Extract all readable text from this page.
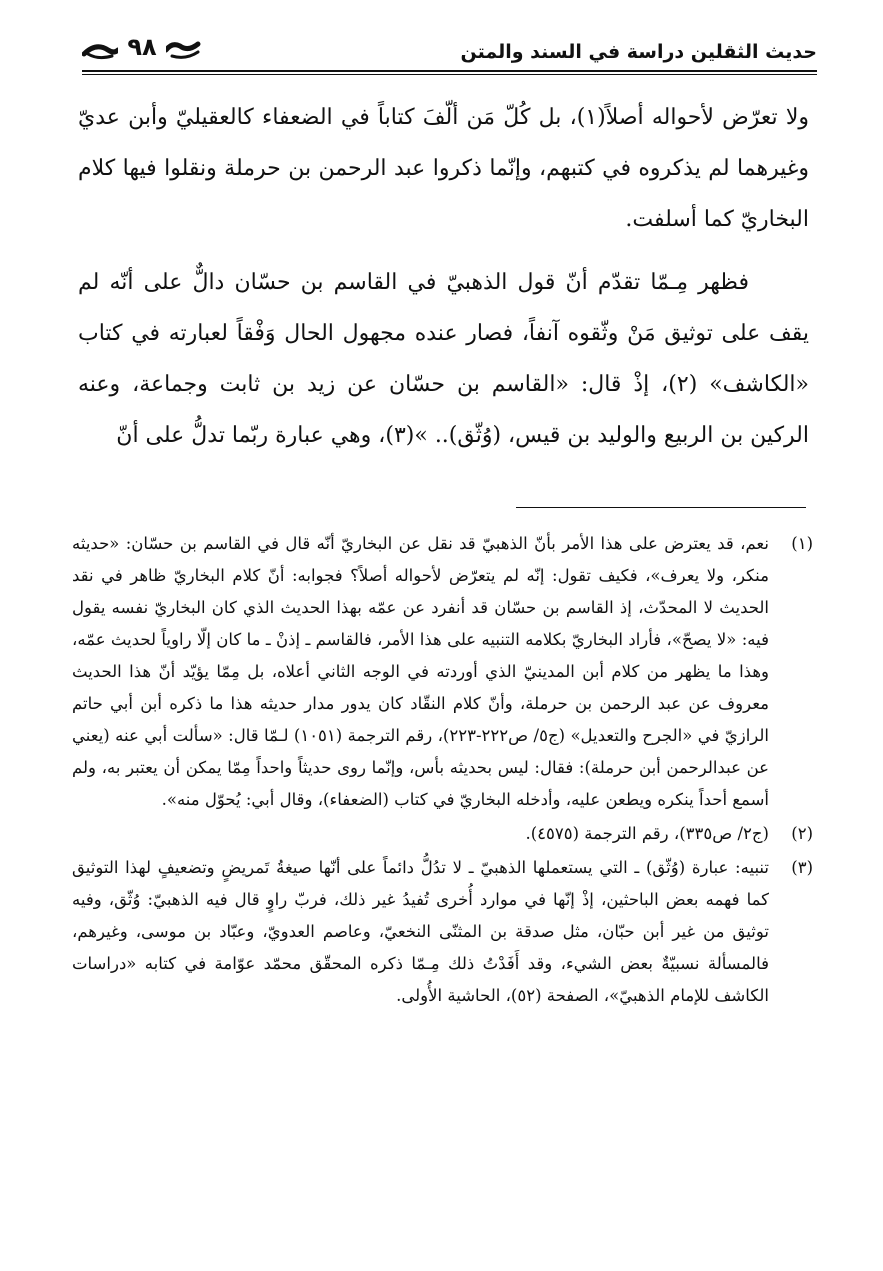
حديث الثقلين دراسة في السند والمتن
٩٨

ولا تعرّض لأحواله أصلاً(١)، بل كُلّ مَن ألّفَ كتاباً في الضعفاء كالعقيليّ وأبن عديّ وغيرهما لم يذكروه في كتبهم، وإنّما ذكروا عبد الرحمن بن حرملة ونقلوا فيها كلام البخاريّ كما أسلفت.

فظهر مِـمّا تقدّم أنّ قول الذهبيّ في القاسم بن حسّان دالٌّ على أنّه لم يقف على توثيق مَنْ وثّقوه آنفاً، فصار عنده مجهول الحال وَفْقاً لعبارته في كتاب «الكاشف» (٢)، إذْ قال: «القاسم بن حسّان عن زيد بن ثابت وجماعة، وعنه الركين بن الربيع والوليد بن قيس، (وُثّق).. »(٣)، وهي عبارة ربّما تدلُّ على أنّ

(١)
نعم، قد يعترض على هذا الأمر بأنّ الذهبيّ قد نقل عن البخاريّ أنّه قال في القاسم بن حسّان: «حديثه منكر، ولا يعرف»، فكيف تقول: إنّه لم يتعرّض لأحواله أصلاً؟ فجوابه: أنّ كلام البخاريّ ظاهر في نقد الحديث لا المحدّث، إذ القاسم بن حسّان قد أنفرد عن عمّه بهذا الحديث الذي كان البخاريّ نفسه يقول فيه: «لا يصحّ»، فأراد البخاريّ بكلامه التنبيه على هذا الأمر، فالقاسم ـ إذنْ ـ ما كان إلّا راوياً لحديث عمّه، وهذا ما يظهر من كلام أبن المدينيّ الذي أوردته في الوجه الثاني أعلاه، بل مِمّا يؤيّد أنّ هذا الحديث معروف عن عبد الرحمن بن حرملة، وأنّ كلام النقّاد كان يدور مدار حديثه هذا ما ذكره أبن أبي حاتم الرازيّ في «الجرح والتعديل» (ج٥/ ص٢٢٢-٢٢٣)، رقم الترجمة (١٠٥١) لـمّا قال: «سألت أبي عنه (يعني عن عبدالرحمن أبن حرملة): فقال: ليس بحديثه بأس، وإنّما روى حديثاً واحداً مِمّا يمكن أن يعتبر به، ولم أسمع أحداً ينكره ويطعن عليه، وأدخله البخاريّ في كتاب (الضعفاء)، وقال أبي: يُحوّل منه».
(٢)
(ج٢/ ص٣٣٥)، رقم الترجمة (٤٥٧٥).
(٣)
تنبيه: عبارة (وُثّق) ـ التي يستعملها الذهبيّ ـ لا تدُلُّ دائماً على أنّها صيغةُ تَمريضٍ وتضعيفٍ لهذا التوثيق كما فهمه بعض الباحثين، إذْ إنّها في موارد أُخرى تُفيدُ غير ذلك، فربّ راوٍ قال فيه الذهبيّ: وُثّق، وفيه توثيق من غير أبن حبّان، مثل صدقة بن المثنّى النخعيّ، وعاصم العدويّ، وعبّاد بن موسى، وغيرهم، فالمسألة نسبيّةٌ بعض الشيء، وقد أَفَدْتُ ذلك مِـمّا ذكره المحقّق محمّد عوّامة في كتابه «دراسات الكاشف للإمام الذهبيّ»، الصفحة (٥٢)، الحاشية الأُولى.
